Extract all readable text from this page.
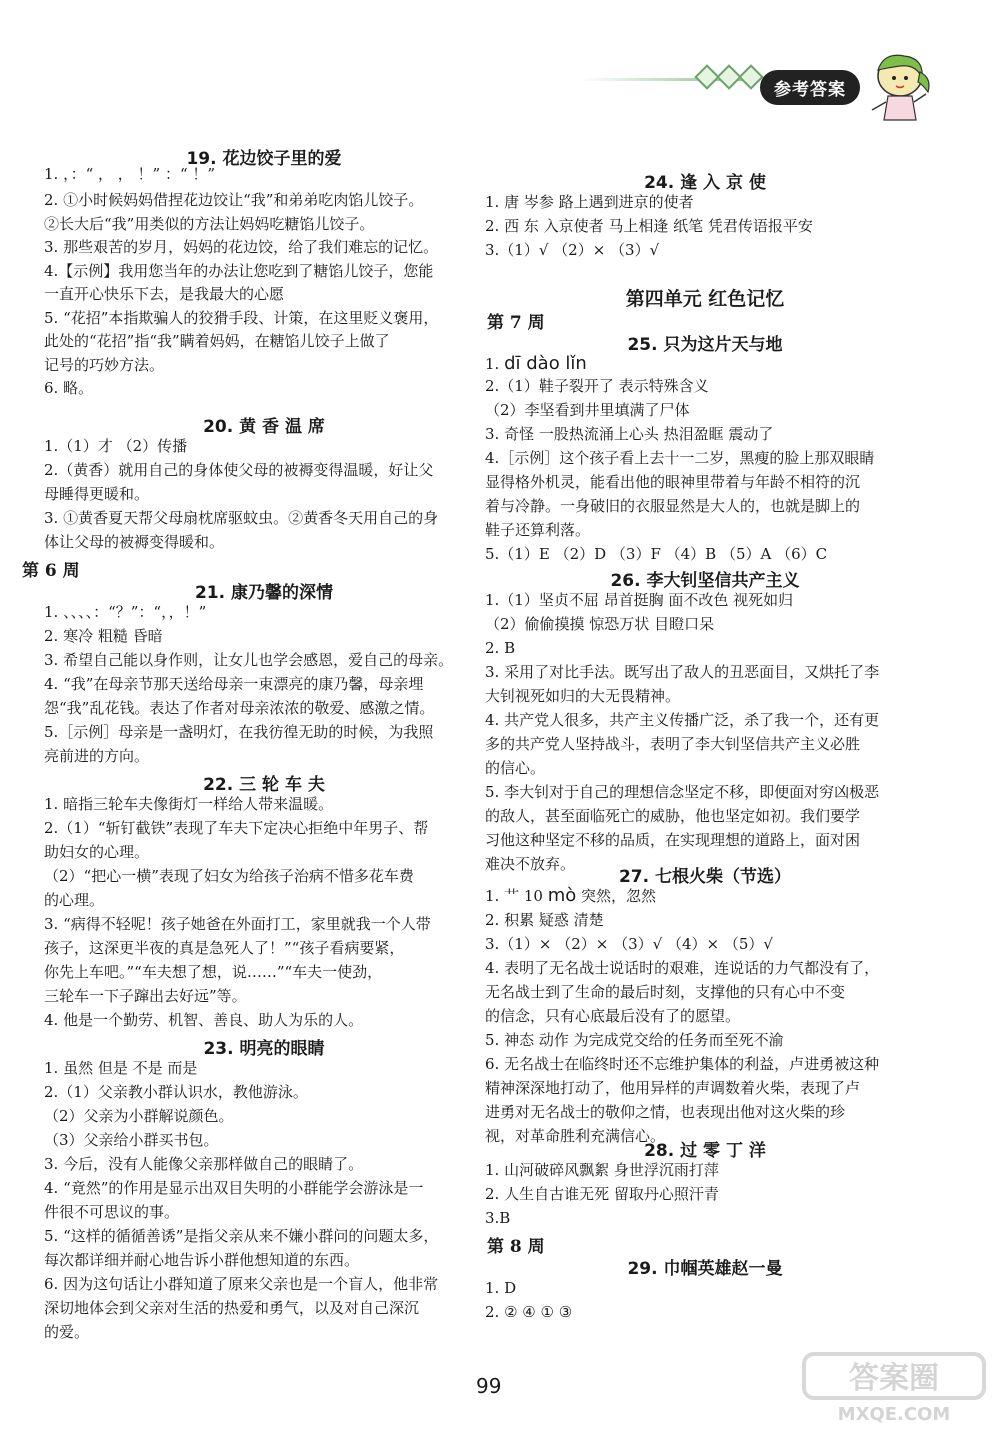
参考答案
19. 花边饺子里的爱
1. ，：“ ， ， ！” ：“ ！”
2. ①小时候妈妈借捏花边饺让“我”和弟弟吃肉馅儿饺子。
②长大后“我”用类似的方法让妈妈吃糖馅儿饺子。
3. 那些艰苦的岁月，妈妈的花边饺，给了我们难忘的记忆。
4.【示例】我用您当年的办法让您吃到了糖馅儿饺子，您能
一直开心快乐下去，是我最大的心愿
5. “花招”本指欺骗人的狡猾手段、计策，在这里贬义褒用，
此处的“花招”指“我”瞒着妈妈，在糖馅儿饺子上做了
记号的巧妙方法。
6. 略。
20. 黄 香 温 席
1.（1）才 （2）传播
2.（黄香）就用自己的身体使父母的被褥变得温暖，好让父
母睡得更暖和。
3. ①黄香夏天帮父母扇枕席驱蚊虫。②黄香冬天用自己的身
体让父母的被褥变得暖和。
第 6 周
21. 康乃馨的深情
1. 、、、、：“？”：“，，！”
2. 寒冷 粗糙 昏暗
3. 希望自己能以身作则，让女儿也学会感恩，爱自己的母亲。
4. “我”在母亲节那天送给母亲一束漂亮的康乃馨，母亲埋
怨“我”乱花钱。表达了作者对母亲浓浓的敬爱、感激之情。
5.［示例］母亲是一盏明灯，在我彷徨无助的时候，为我照
亮前进的方向。
22. 三 轮 车 夫
1. 暗指三轮车夫像街灯一样给人带来温暖。
2.（1）“斩钉截铁”表现了车夫下定决心拒绝中年男子、帮
助妇女的心理。
（2）“把心一横”表现了妇女为给孩子治病不惜多花车费
的心理。
3. “病得不轻呢！孩子她爸在外面打工，家里就我一个人带
孩子，这深更半夜的真是急死人了！”“孩子看病要紧，
你先上车吧。”“车夫想了想，说……”“车夫一使劲，
三轮车一下子蹿出去好远”等。
4. 他是一个勤劳、机智、善良、助人为乐的人。
23. 明亮的眼睛
1. 虽然 但是 不是 而是
2.（1）父亲教小群认识水，教他游泳。
（2）父亲为小群解说颜色。
（3）父亲给小群买书包。
3. 今后，没有人能像父亲那样做自己的眼睛了。
4. “竟然”的作用是显示出双目失明的小群能学会游泳是一
件很不可思议的事。
5. “这样的循循善诱”是指父亲从来不嫌小群问的问题太多，
每次都详细并耐心地告诉小群他想知道的东西。
6. 因为这句话让小群知道了原来父亲也是一个盲人，他非常
深切地体会到父亲对生活的热爱和勇气，以及对自己深沉
的爱。
24. 逢 入 京 使
1. 唐 岑参 路上遇到进京的使者
2. 西 东 入京使者 马上相逢 纸笔 凭君传语报平安
3.（1）√ （2）× （3）√
第四单元 红色记忆
第 7 周
25. 只为这片天与地
1. dī dào lǐn
2.（1）鞋子裂开了 表示特殊含义
（2）李坚看到井里填满了尸体
3. 奇怪 一股热流涌上心头 热泪盈眶 震动了
4.［示例］这个孩子看上去十一二岁，黑瘦的脸上那双眼睛
显得格外机灵，能看出他的眼神里带着与年龄不相符的沉
着与冷静。一身破旧的衣服显然是大人的，也就是脚上的
鞋子还算利落。
5.（1）E （2）D （3）F （4）B （5）A （6）C
26. 李大钊坚信共产主义
1.（1）坚贞不屈 昂首挺胸 面不改色 视死如归
（2）偷偷摸摸 惊恐万状 目瞪口呆
2. B
3. 采用了对比手法。既写出了敌人的丑恶面目，又烘托了李
大钊视死如归的大无畏精神。
4. 共产党人很多，共产主义传播广泛，杀了我一个，还有更
多的共产党人坚持战斗，表明了李大钊坚信共产主义必胜
的信心。
5. 李大钊对于自己的理想信念坚定不移，即便面对穷凶极恶
的敌人，甚至面临死亡的威胁，他也坚定如初。我们要学
习他这种坚定不移的品质，在实现理想的道路上，面对困
难决不放弃。
27. 七根火柴（节选）
1. 艹 10 mò 突然，忽然
2. 积累 疑惑 清楚
3.（1）× （2）× （3）√ （4）× （5）√
4. 表明了无名战士说话时的艰难，连说话的力气都没有了，
无名战士到了生命的最后时刻，支撑他的只有心中不变
的信念，只有心底最后没有了的愿望。
5. 神态 动作 为完成党交给的任务而至死不渝
6. 无名战士在临终时还不忘维护集体的利益，卢进勇被这种
精神深深地打动了，他用异样的声调数着火柴，表现了卢
进勇对无名战士的敬仰之情，也表现出他对这火柴的珍
视，对革命胜利充满信心。
28. 过 零 丁 洋
1. 山河破碎风飘絮 身世浮沉雨打萍
2. 人生自古谁无死 留取丹心照汗青
3.B
第 8 周
29. 巾帼英雄赵一曼
1. D
2. ② ④ ① ③
99	答案圈
MXQE.COM
